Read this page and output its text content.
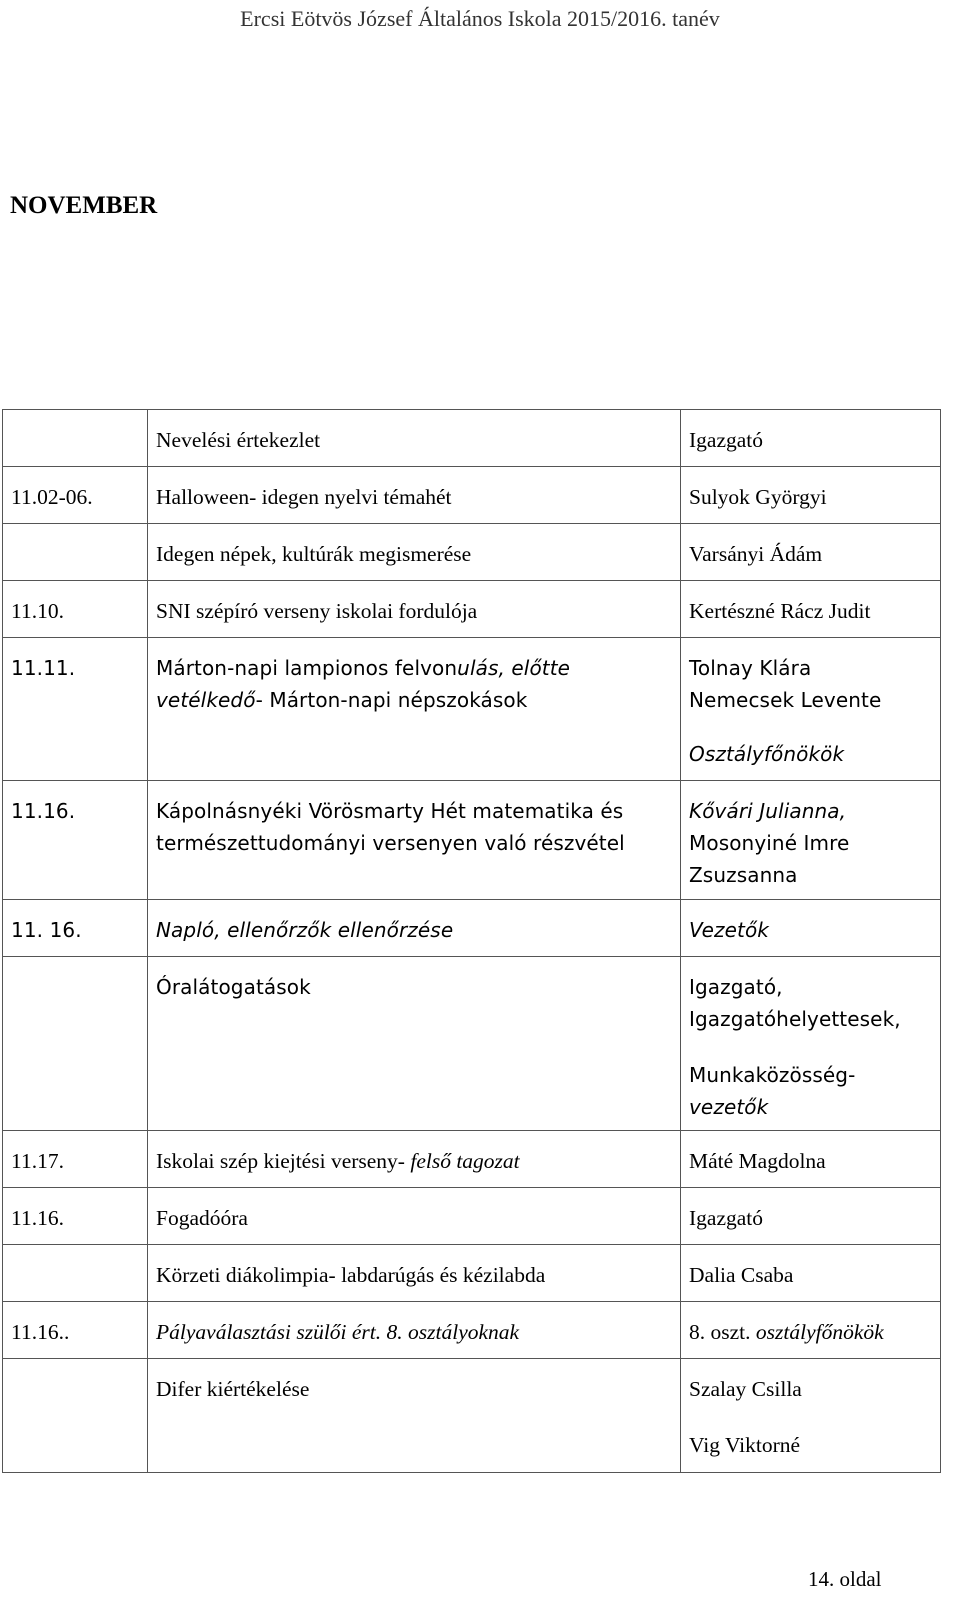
Ercsi Eötvös József Általános Iskola 2015/2016. tanév
NOVEMBER
	Nevelési értekezlet	Igazgató
11.02-06.	Halloween- idegen nyelvi témahét	Sulyok Györgyi
	Idegen népek, kultúrák megismerése	Varsányi Ádám
11.10.	SNI szépíró verseny iskolai fordulója	Kertészné Rácz Judit
11.11.	Márton-napi lampionos felvonulás, előtte
vetélkedő- Márton-napi népszokások	Tolnay Klára
Nemecsek Levente
Osztályfőnökök

11.16.	Kápolnásnyéki Vörösmarty Hét matematika és
természettudományi versenyen való részvétel	Kővári Julianna,
Mosonyiné Imre
Zsuzsanna

11. 16.	Napló, ellenőrzők ellenőrzése	Vezetők
	Óralátogatások	Igazgató,
Igazgatóhelyettesek,
Munkaközösség-
vezetők

11.17.	Iskolai szép kiejtési verseny- felső tagozat	Máté Magdolna
11.16.	Fogadóóra	Igazgató
	Körzeti diákolimpia- labdarúgás és kézilabda	Dalia Csaba
11.16..	Pályaválasztási szülői ért. 8. osztályoknak	8. oszt. osztályfőnökök
	Difer kiértékelése	Szalay Csilla
Vig Viktorné
14. oldal
